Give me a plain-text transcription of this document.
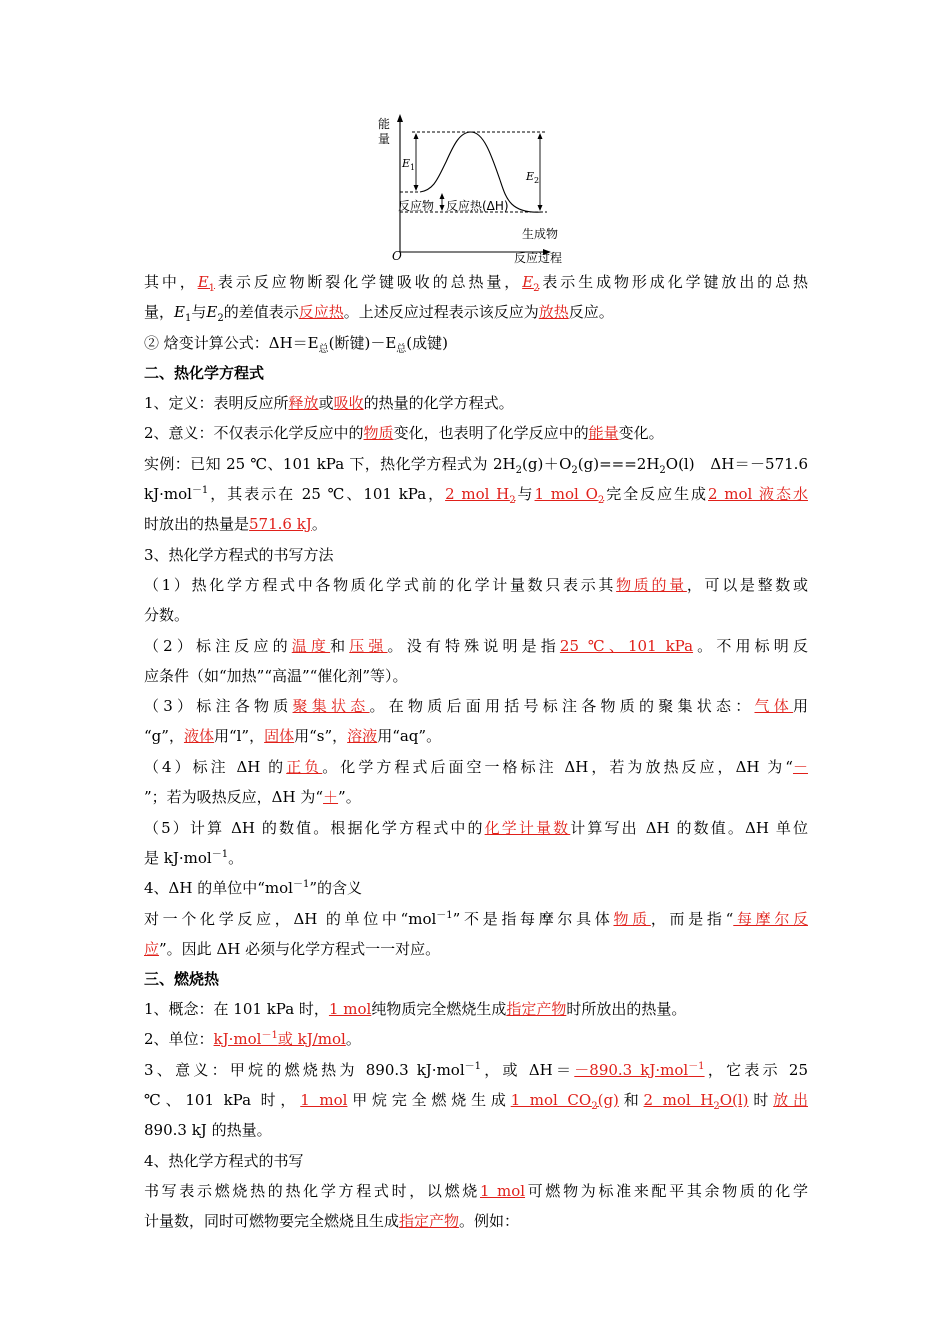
能量
O	反应过程
$E_1$
$E_2$
反应物 反应热(ΔH)
生成物
其中，$E_1$表示反应物断裂化学键吸收的总热量，$E_2$表示生成物形成化学键放出的总热
量，$E_1$与$E_2$的差值表示反应热。上述反应过程表示该反应为放热反应。
② 焓变计算公式：$\Delta H=E_总$(断键)$-E_总$(成键)
二、热化学方程式
1、定义：表明反应所释放或吸收的热量的化学方程式。
2、意义：不仅表示化学反应中的物质变化，也表明了化学反应中的能量变化。
实例：已知 25 ℃、101 kPa 下，热化学方程式为 $2H_2(g)+O_2(g)===2H_2O(l)$　ΔH＝－571.6
kJ·mol$^{-1}$，其表示在 25 ℃、101 kPa，2 mol $H_2$与1 mol $O_2$完全反应生成2 mol 液态水
时放出的热量是571.6 kJ。
3、热化学方程式的书写方法
（1）热化学方程式中各物质化学式前的化学计量数只表示其物质的量，可以是整数或
分数。
（2）标注反应的温度和压强。没有特殊说明是指25 ℃、101 kPa。不用标明反
应条件（如“加热”“高温”“催化剂”等）。
（3）标注各物质聚集状态。在物质后面用括号标注各物质的聚集状态：气体用
“g”，液体用“l”，固体用“s”，溶液用“aq”。
（4）标注 ΔH 的正负。化学方程式后面空一格标注 ΔH，若为放热反应，ΔH 为“－
”；若为吸热反应，ΔH 为“＋”。
（5）计算 ΔH 的数值。根据化学方程式中的化学计量数计算写出 ΔH 的数值。ΔH 单位
是 kJ·mol$^{-1}$。
4、ΔH 的单位中“mol$^{-1}$”的含义
对一个化学反应，ΔH 的单位中“mol$^{-1}$”不是指每摩尔具体物质，而是指“每摩尔反
应”。因此 ΔH 必须与化学方程式一一对应。
三、燃烧热
1、概念：在 101 kPa 时，1 mol纯物质完全燃烧生成指定产物时所放出的热量。
2、单位：kJ·mol$^{-1}$或 kJ/mol。
3、意义：甲烷的燃烧热为 890.3 kJ·mol$^{-1}$，或 ΔH＝－890.3 kJ·mol$^{-1}$，它表示 25
℃、101 kPa 时，1 mol甲烷完全燃烧生成1 mol $CO_2(g)$和2 mol $H_2O(l)$时放出
890.3 kJ 的热量。
4、热化学方程式的书写
书写表示燃烧热的热化学方程式时，以燃烧1 mol可燃物为标准来配平其余物质的化学
计量数，同时可燃物要完全燃烧且生成指定产物。例如：
